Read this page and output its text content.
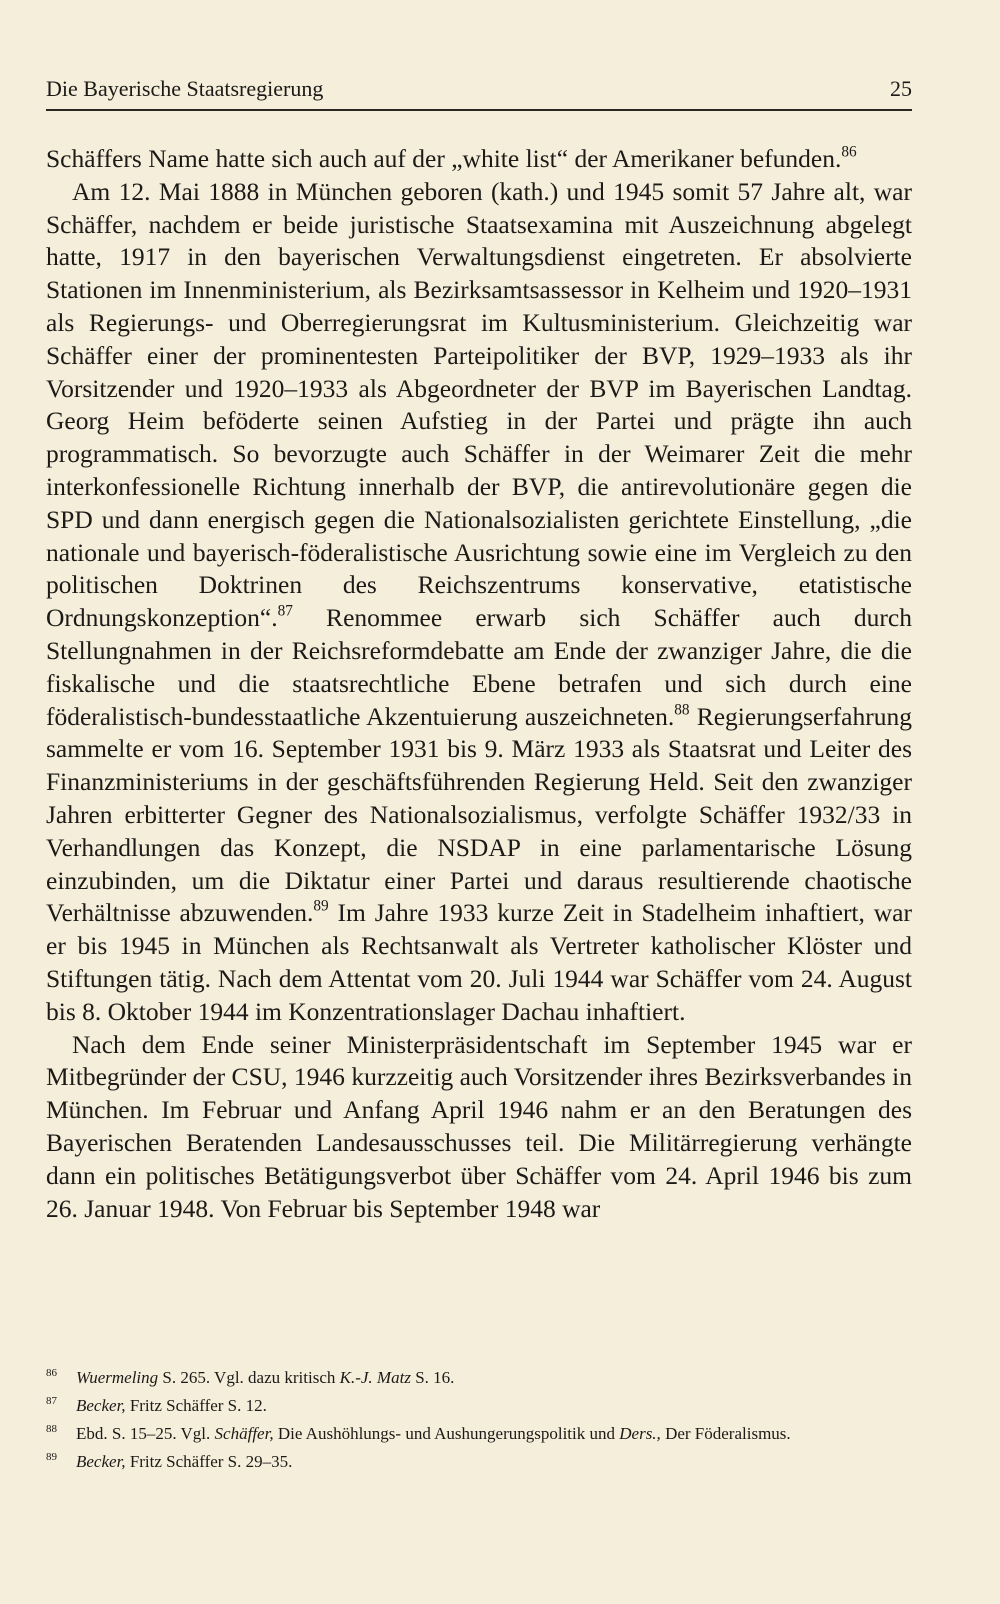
Die Bayerische Staatsregierung	25

Schäffers Name hatte sich auch auf der „white list“ der Amerikaner befunden.$^{86}$

Am 12. Mai 1888 in München geboren (kath.) und 1945 somit 57 Jahre alt, war Schäffer, nachdem er beide juristische Staatsexamina mit Auszeichnung abgelegt hatte, 1917 in den bayerischen Verwaltungsdienst eingetreten. Er absolvierte Stationen im Innenministerium, als Bezirksamtsassessor in Kelheim und 1920–1931 als Regierungs- und Oberregierungsrat im Kultusministerium. Gleichzeitig war Schäffer einer der prominentesten Parteipolitiker der BVP, 1929–1933 als ihr Vorsitzender und 1920–1933 als Abgeordneter der BVP im Bayerischen Landtag. Georg Heim beföderte seinen Aufstieg in der Partei und prägte ihn auch programmatisch. So bevorzugte auch Schäffer in der Weimarer Zeit die mehr interkonfessionelle Richtung innerhalb der BVP, die antirevolutionäre gegen die SPD und dann energisch gegen die Nationalsozialisten gerichtete Einstellung, „die nationale und bayerisch-föderalistische Ausrichtung sowie eine im Vergleich zu den politischen Doktrinen des Reichszentrums konservative, etatistische Ordnungskonzeption“.$^{87}$ Renommee erwarb sich Schäffer auch durch Stellungnahmen in der Reichsreformdebatte am Ende der zwanziger Jahre, die die fiskalische und die staatsrechtliche Ebene betrafen und sich durch eine föderalistisch-bundesstaatliche Akzentuierung auszeichneten.$^{88}$ Regierungserfahrung sammelte er vom 16. September 1931 bis 9. März 1933 als Staatsrat und Leiter des Finanzministeriums in der geschäftsführenden Regierung Held. Seit den zwanziger Jahren erbitterter Gegner des Nationalsozialismus, verfolgte Schäffer 1932/33 in Verhandlungen das Konzept, die NSDAP in eine parlamentarische Lösung einzubinden, um die Diktatur einer Partei und daraus resultierende chaotische Verhältnisse abzuwenden.$^{89}$ Im Jahre 1933 kurze Zeit in Stadelheim inhaftiert, war er bis 1945 in München als Rechtsanwalt als Vertreter katholischer Klöster und Stiftungen tätig. Nach dem Attentat vom 20. Juli 1944 war Schäffer vom 24. August bis 8. Oktober 1944 im Konzentrationslager Dachau inhaftiert.

Nach dem Ende seiner Ministerpräsidentschaft im September 1945 war er Mitbegründer der CSU, 1946 kurzzeitig auch Vorsitzender ihres Bezirksverbandes in München. Im Februar und Anfang April 1946 nahm er an den Beratungen des Bayerischen Beratenden Landesausschusses teil. Die Militärregierung verhängte dann ein politisches Betätigungsverbot über Schäffer vom 24. April 1946 bis zum 26. Januar 1948. Von Februar bis September 1948 war

86	Wuermeling S. 265. Vgl. dazu kritisch K.-J. Matz S. 16.
87	Becker, Fritz Schäffer S. 12.
88	Ebd. S. 15–25. Vgl. Schäffer, Die Aushöhlungs- und Aushungerungspolitik und Ders., Der Föderalismus.
89	Becker, Fritz Schäffer S. 29–35.
